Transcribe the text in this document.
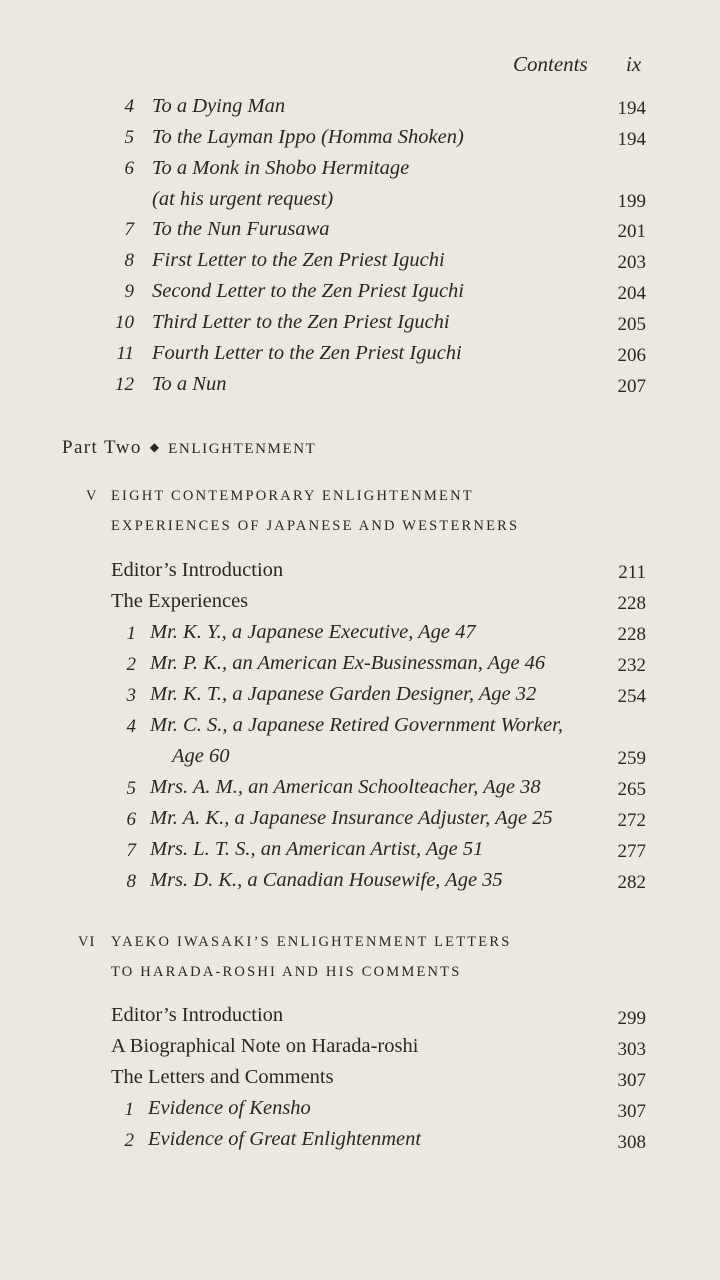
Contents ix
4 To a Dying Man	194
5 To the Layman Ippo (Homma Shoken)	194
6 To a Monk in Shobo Hermitage
(at his urgent request)	199
7 To the Nun Furusawa	201
8 First Letter to the Zen Priest Iguchi	203
9 Second Letter to the Zen Priest Iguchi	204
10 Third Letter to the Zen Priest Iguchi	205
11 Fourth Letter to the Zen Priest Iguchi	206
12 To a Nun	207
Part Two ◆ ENLIGHTENMENT
V EIGHT CONTEMPORARY ENLIGHTENMENT
EXPERIENCES OF JAPANESE AND WESTERNERS
Editor’s Introduction	211
The Experiences	228
1 Mr. K. Y., a Japanese Executive, Age 47	228
2 Mr. P. K., an American Ex-Businessman, Age 46	232
3 Mr. K. T., a Japanese Garden Designer, Age 32	254
4 Mr. C. S., a Japanese Retired Government Worker,
Age 60	259
5 Mrs. A. M., an American Schoolteacher, Age 38	265
6 Mr. A. K., a Japanese Insurance Adjuster, Age 25	272
7 Mrs. L. T. S., an American Artist, Age 51	277
8 Mrs. D. K., a Canadian Housewife, Age 35	282
VI YAEKO IWASAKI’S ENLIGHTENMENT LETTERS
TO HARADA-ROSHI AND HIS COMMENTS
Editor’s Introduction	299
A Biographical Note on Harada-roshi	303
The Letters and Comments	307
1 Evidence of Kensho	307
2 Evidence of Great Enlightenment	308
